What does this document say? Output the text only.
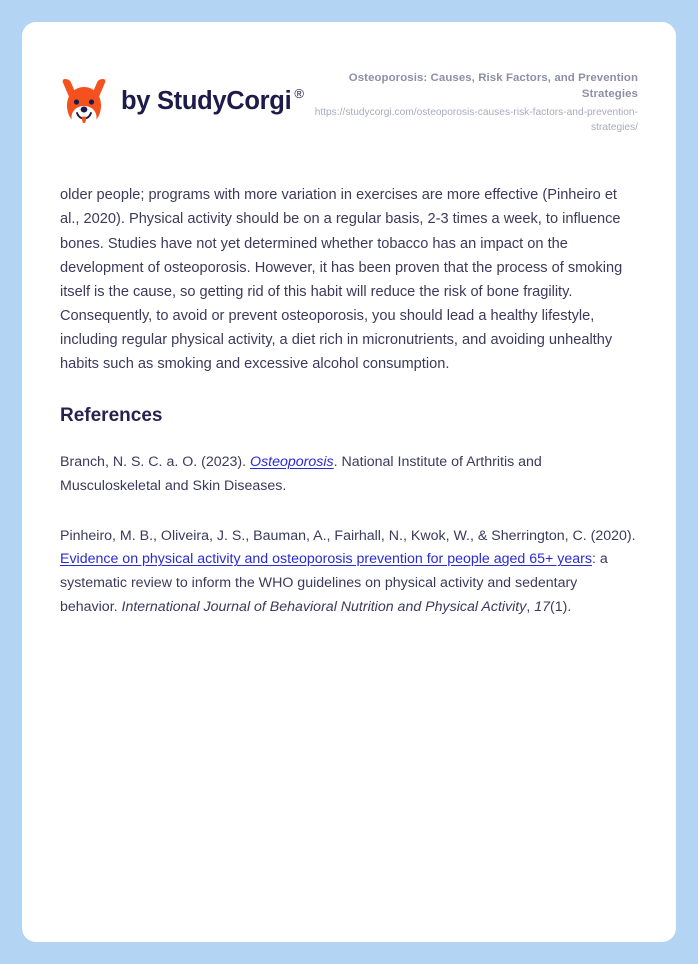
by StudyCorgi ®
Osteoporosis: Causes, Risk Factors, and Prevention Strategies
https://studycorgi.com/osteoporosis-causes-risk-factors-and-prevention-strategies/

older people; programs with more variation in exercises are more effective (Pinheiro et al., 2020). Physical activity should be on a regular basis, 2-3 times a week, to influence bones. Studies have not yet determined whether tobacco has an impact on the development of osteoporosis. However, it has been proven that the process of smoking itself is the cause, so getting rid of this habit will reduce the risk of bone fragility. Consequently, to avoid or prevent osteoporosis, you should lead a healthy lifestyle, including regular physical activity, a diet rich in micronutrients, and avoiding unhealthy habits such as smoking and excessive alcohol consumption.

References

Branch, N. S. C. a. O. (2023). Osteoporosis. National Institute of Arthritis and Musculoskeletal and Skin Diseases.

Pinheiro, M. B., Oliveira, J. S., Bauman, A., Fairhall, N., Kwok, W., & Sherrington, C. (2020). Evidence on physical activity and osteoporosis prevention for people aged 65+ years: a systematic review to inform the WHO guidelines on physical activity and sedentary behavior. International Journal of Behavioral Nutrition and Physical Activity, 17(1).
